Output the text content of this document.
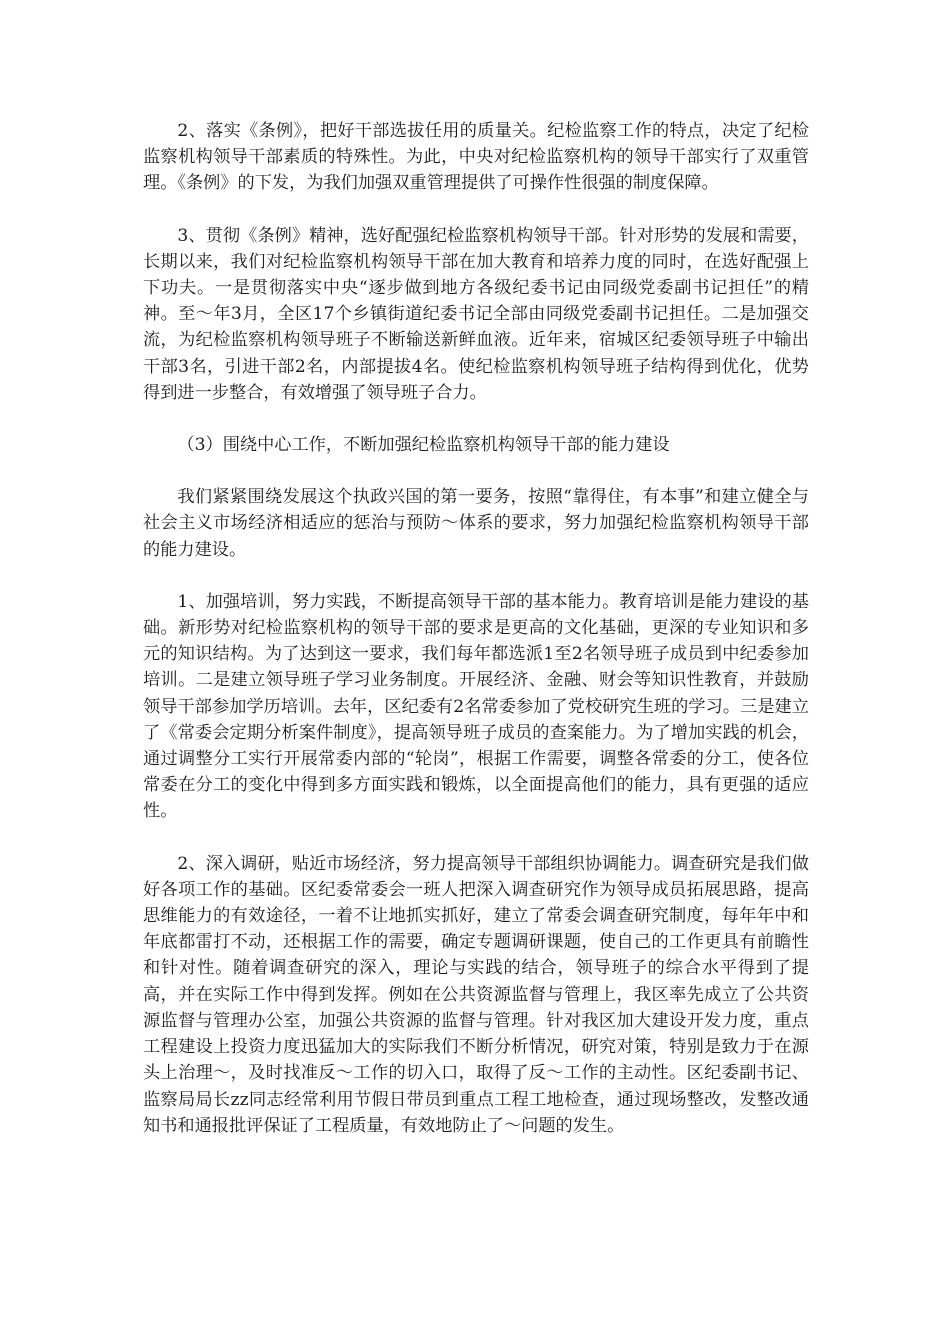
2、落实《条例》，把好干部选拔任用的质量关。纪检监察工作的特点，决定了纪检监察机构领导干部素质的特殊性。为此，中央对纪检监察机构的领导干部实行了双重管理。《条例》的下发，为我们加强双重管理提供了可操作性很强的制度保障。

3、贯彻《条例》精神，选好配强纪检监察机构领导干部。针对形势的发展和需要，长期以来，我们对纪检监察机构领导干部在加大教育和培养力度的同时，在选好配强上下功夫。一是贯彻落实中央“逐步做到地方各级纪委书记由同级党委副书记担任”的精神。至～年3月，全区17个乡镇街道纪委书记全部由同级党委副书记担任。二是加强交流，为纪检监察机构领导班子不断输送新鲜血液。近年来，宿城区纪委领导班子中输出干部3名，引进干部2名，内部提拔4名。使纪检监察机构领导班子结构得到优化，优势得到进一步整合，有效增强了领导班子合力。

（3）围绕中心工作，不断加强纪检监察机构领导干部的能力建设

我们紧紧围绕发展这个执政兴国的第一要务，按照“靠得住，有本事”和建立健全与社会主义市场经济相适应的惩治与预防～体系的要求，努力加强纪检监察机构领导干部的能力建设。

1、加强培训，努力实践，不断提高领导干部的基本能力。教育培训是能力建设的基础。新形势对纪检监察机构的领导干部的要求是更高的文化基础，更深的专业知识和多元的知识结构。为了达到这一要求，我们每年都选派1至2名领导班子成员到中纪委参加培训。二是建立领导班子学习业务制度。开展经济、金融、财会等知识性教育，并鼓励领导干部参加学历培训。去年，区纪委有2名常委参加了党校研究生班的学习。三是建立了《常委会定期分析案件制度》，提高领导班子成员的查案能力。为了增加实践的机会，通过调整分工实行开展常委内部的“轮岗”，根据工作需要，调整各常委的分工，使各位常委在分工的变化中得到多方面实践和锻炼，以全面提高他们的能力，具有更强的适应性。

2、深入调研，贴近市场经济，努力提高领导干部组织协调能力。调查研究是我们做好各项工作的基础。区纪委常委会一班人把深入调查研究作为领导成员拓展思路，提高思维能力的有效途径，一着不让地抓实抓好，建立了常委会调查研究制度，每年年中和年底都雷打不动，还根据工作的需要，确定专题调研课题，使自己的工作更具有前瞻性和针对性。随着调查研究的深入，理论与实践的结合，领导班子的综合水平得到了提高，并在实际工作中得到发挥。例如在公共资源监督与管理上，我区率先成立了公共资源监督与管理办公室，加强公共资源的监督与管理。针对我区加大建设开发力度，重点工程建设上投资力度迅猛加大的实际我们不断分析情况，研究对策，特别是致力于在源头上治理～，及时找准反～工作的切入口，取得了反～工作的主动性。区纪委副书记、监察局局长zz同志经常利用节假日带员到重点工程工地检查，通过现场整改，发整改通知书和通报批评保证了工程质量，有效地防止了～问题的发生。
